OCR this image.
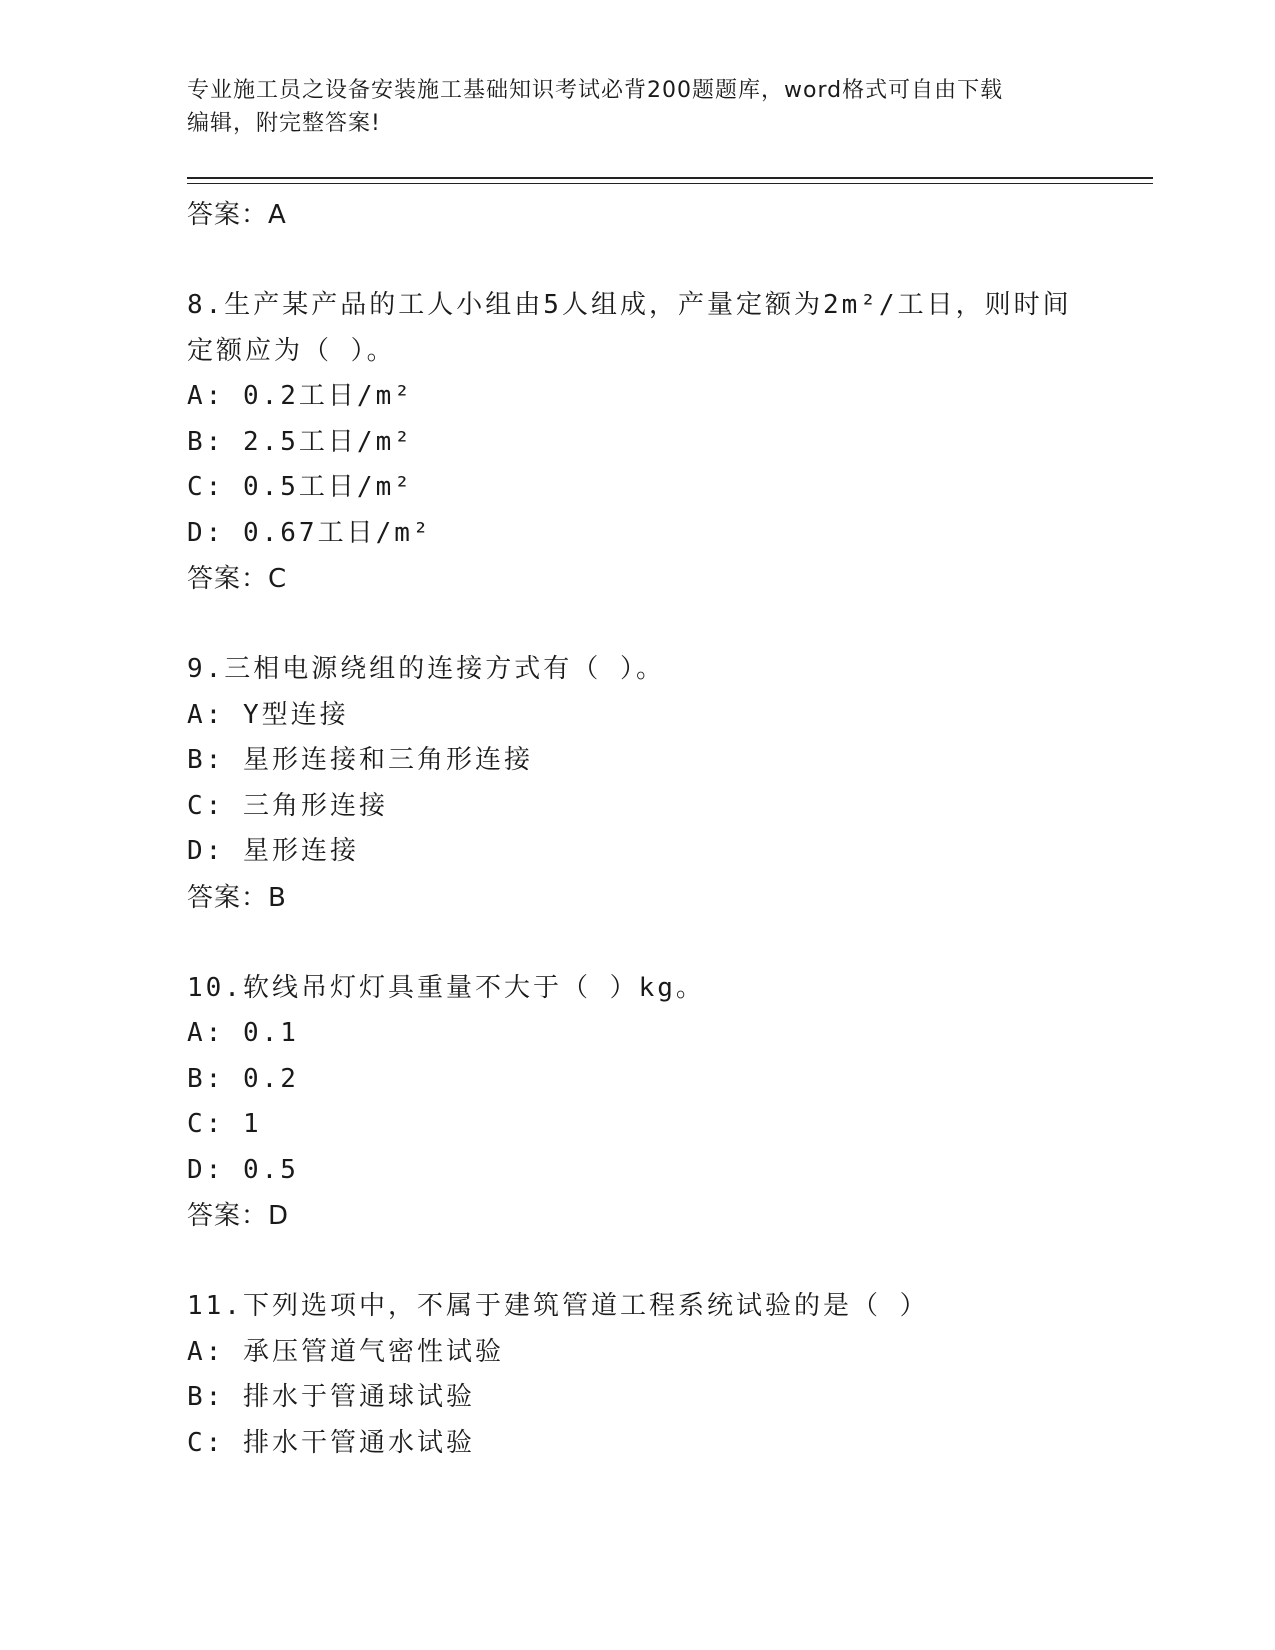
专业施工员之设备安装施工基础知识考试必背200题题库，word格式可自由下载
编辑，附完整答案!
答案：A
8.生产某产品的工人小组由5人组成，产量定额为2m²/工日，则时间
定额应为（ ）。
A: 0.2工日/m²
B: 2.5工日/m²
C: 0.5工日/m²
D: 0.67工日/m²
答案：C
9.三相电源绕组的连接方式有（ ）。
A: Y型连接
B: 星形连接和三角形连接
C: 三角形连接
D: 星形连接
答案：B
10.软线吊灯灯具重量不大于（ ）kg。
A: 0.1
B: 0.2
C: 1
D: 0.5
答案：D
11.下列选项中，不属于建筑管道工程系统试验的是（ ）
A: 承压管道气密性试验
B: 排水于管通球试验
C: 排水干管通水试验
